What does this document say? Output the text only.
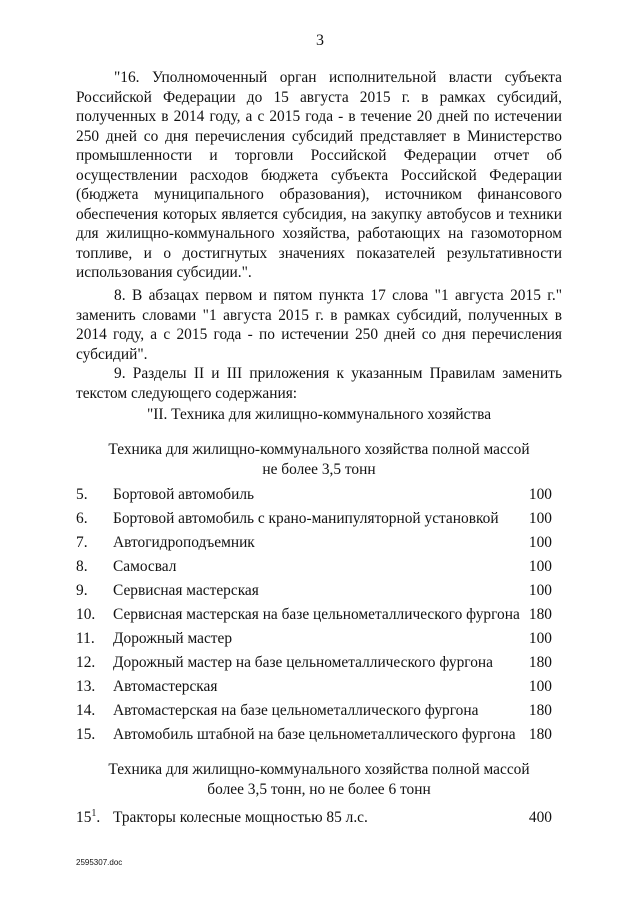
3

"16. Уполномоченный орган исполнительной власти субъекта Российской Федерации до 15 августа 2015 г. в рамках субсидий, полученных в 2014 году, а с 2015 года - в течение 20 дней по истечении 250 дней со дня перечисления субсидий представляет в Министерство промышленности и торговли Российской Федерации отчет об осуществлении расходов бюджета субъекта Российской Федерации (бюджета муниципального образования), источником финансового обеспечения которых является субсидия, на закупку автобусов и техники для жилищно-коммунального хозяйства, работающих на газомоторном топливе, и о достигнутых значениях показателей результативности использования субсидии.".

8. В абзацах первом и пятом пункта 17 слова "1 августа 2015 г." заменить словами "1 августа 2015 г. в рамках субсидий, полученных в 2014 году, а с 2015 года - по истечении 250 дней со дня перечисления субсидий".

9. Разделы II и III приложения к указанным Правилам заменить текстом следующего содержания:

"II. Техника для жилищно-коммунального хозяйства

Техника для жилищно-коммунального хозяйства полной массой
не более 3,5 тонн
5.	Бортовой автомобиль	100
6.	Бортовой автомобиль с крано-манипуляторной установкой 100
7.	Автогидроподъемник	100
8.	Самосвал	100
9.	Сервисная мастерская	100
10.	Сервисная мастерская на базе цельнометаллического фургона 180
11.	Дорожный мастер	100
12.	Дорожный мастер на базе цельнометаллического фургона 180
13.	Автомастерская	100
14.	Автомастерская на базе цельнометаллического фургона	180
15.	Автомобиль штабной на базе цельнометаллического фургона 180
Техника для жилищно-коммунального хозяйства полной массой
более 3,5 тонн, но не более 6 тонн
$15^1$. Тракторы колесные мощностью 85 л.с.	400
2595307.doc
